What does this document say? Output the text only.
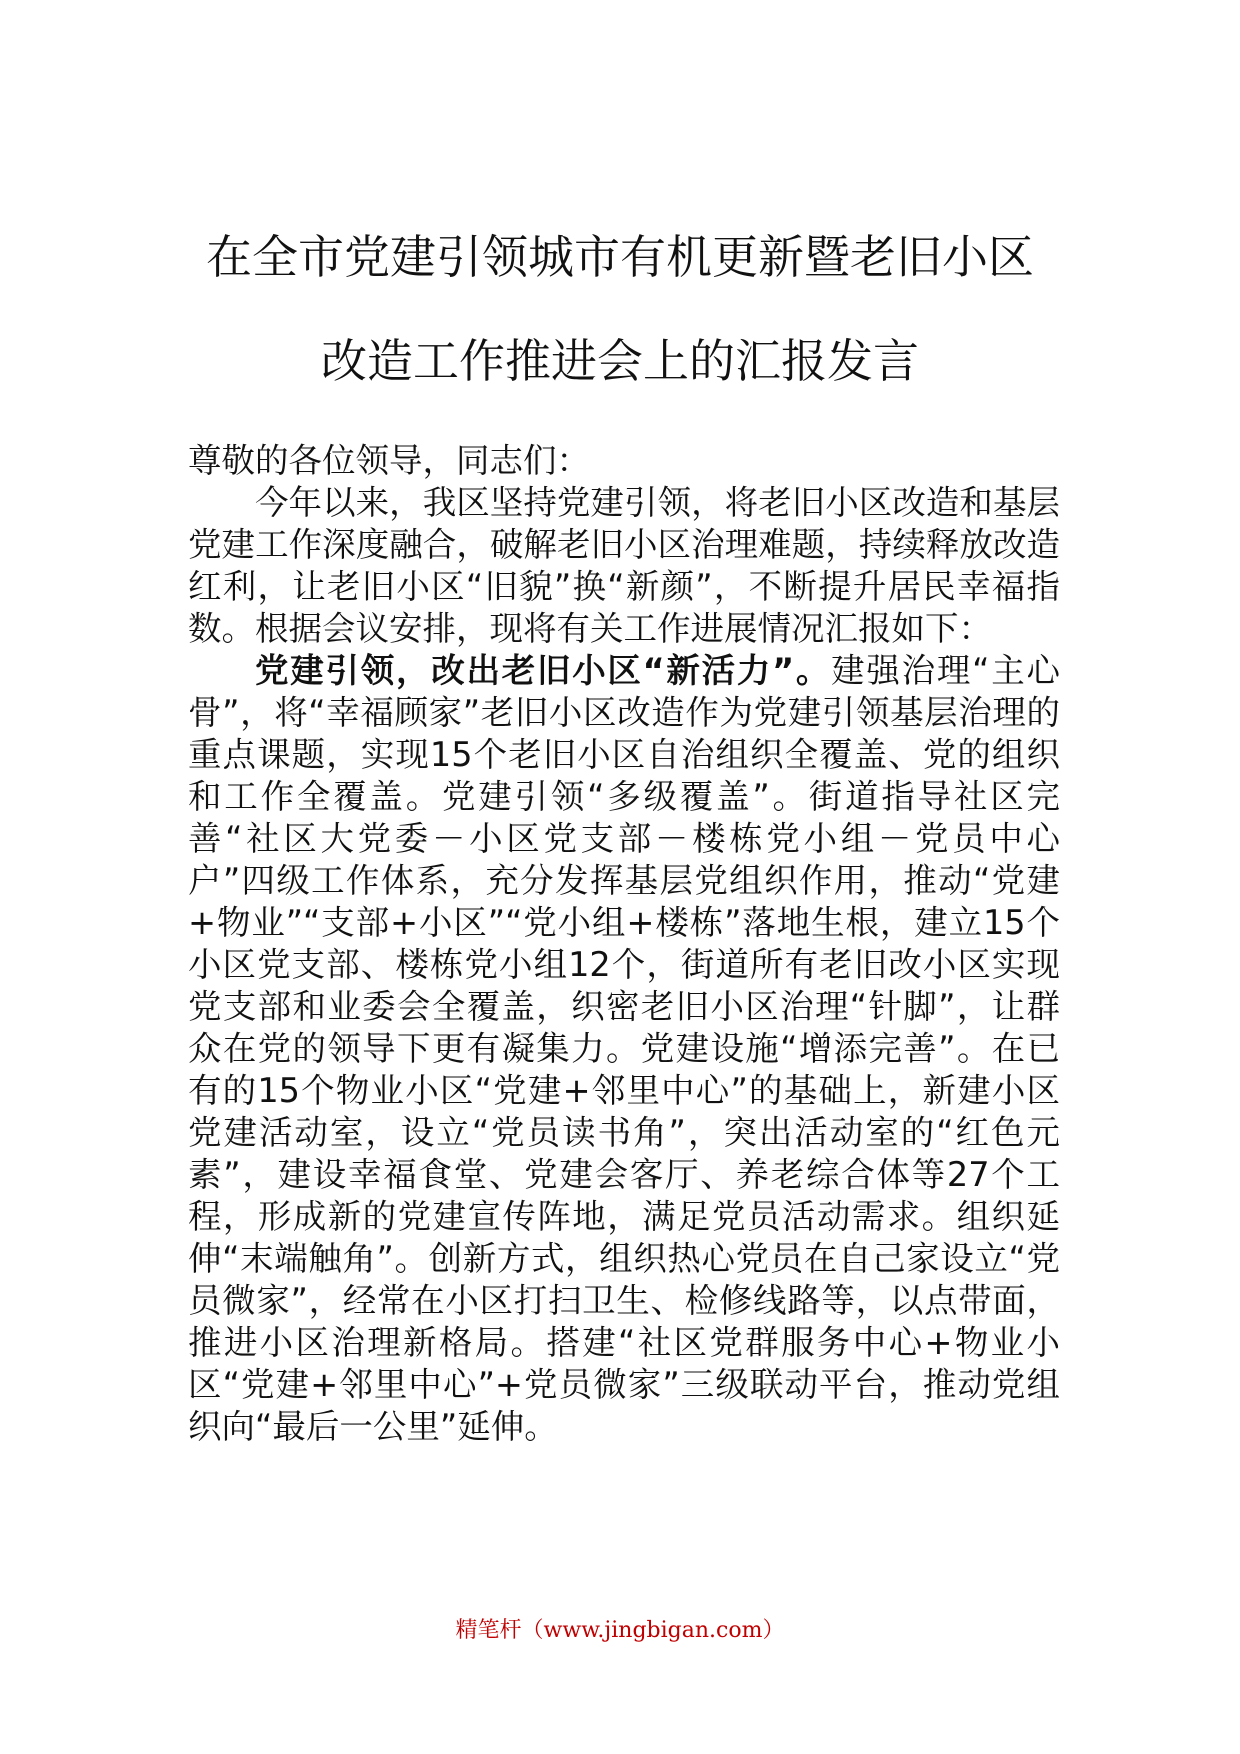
在全市党建引领城市有机更新暨老旧小区
改造工作推进会上的汇报发言

尊敬的各位领导，同志们：

今年以来，我区坚持党建引领，将老旧小区改造和基层党建工作深度融合，破解老旧小区治理难题，持续释放改造红利，让老旧小区“旧貌”换“新颜”，不断提升居民幸福指数。根据会议安排，现将有关工作进展情况汇报如下：

党建引领，改出老旧小区“新活力”。建强治理“主心骨”，将“幸福顾家”老旧小区改造作为党建引领基层治理的重点课题，实现15个老旧小区自治组织全覆盖、党的组织和工作全覆盖。党建引领“多级覆盖”。街道指导社区完善“社区大党委－小区党支部－楼栋党小组－党员中心户”四级工作体系，充分发挥基层党组织作用，推动“党建+物业”“支部+小区”“党小组+楼栋”落地生根，建立15个小区党支部、楼栋党小组12个，街道所有老旧改小区实现党支部和业委会全覆盖，织密老旧小区治理“针脚”，让群众在党的领导下更有凝集力。党建设施“增添完善”。在已有的15个物业小区“党建+邻里中心”的基础上，新建小区党建活动室，设立“党员读书角”，突出活动室的“红色元素”，建设幸福食堂、党建会客厅、养老综合体等27个工程，形成新的党建宣传阵地，满足党员活动需求。组织延伸“末端触角”。创新方式，组织热心党员在自己家设立“党员微家”，经常在小区打扫卫生、检修线路等，以点带面，推进小区治理新格局。搭建“社区党群服务中心+物业小区“党建+邻里中心”+党员微家”三级联动平台，推动党组织向“最后一公里”延伸。

精笔杆（www.jingbigan.com）
